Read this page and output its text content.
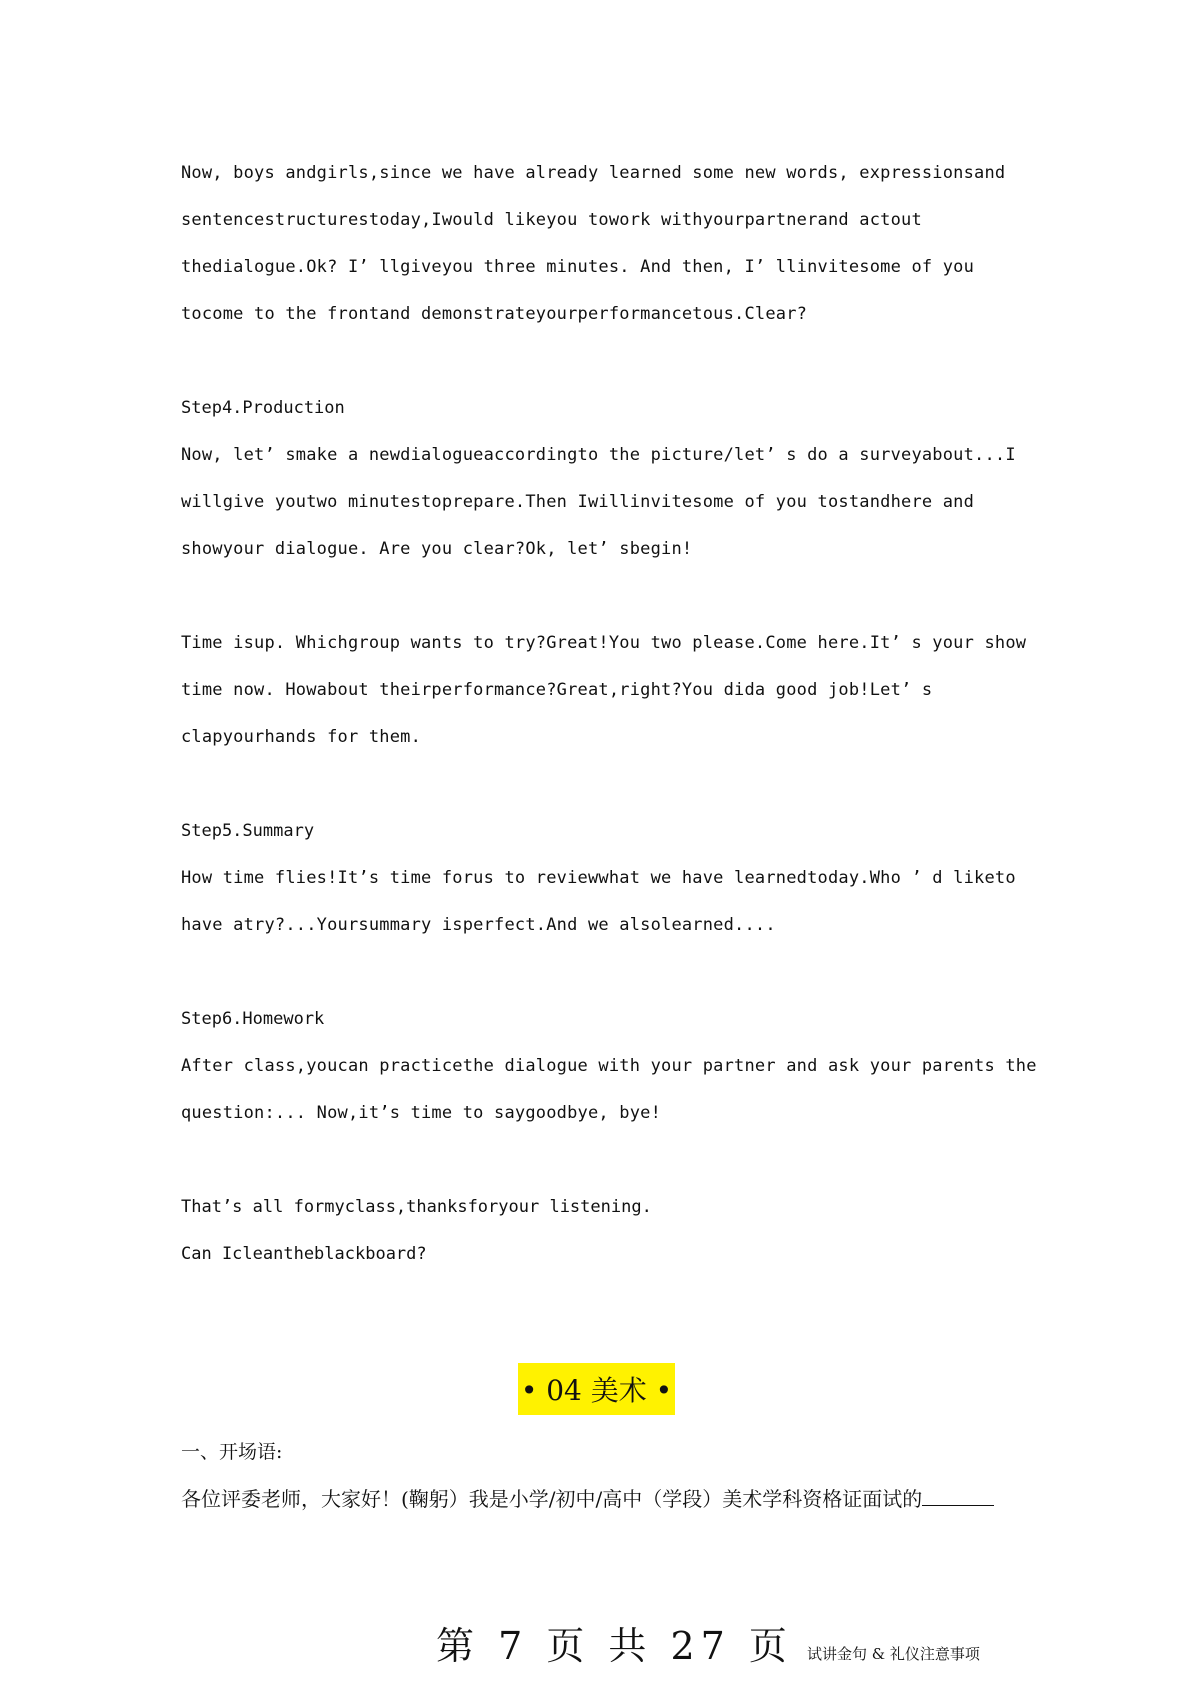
Now, boys andgirls,since we have already learned some new words, expressionsand sentencestructurestoday,Iwould likeyou towork withyourpartnerand actout thedialogue.Ok? I’ llgiveyou three minutes. And then, I’ llinvitesome of you tocome to the frontand demonstrateyourperformancetous.Clear?

Step4.Production

Now, let’ smake a newdialogueaccordingto the picture/let’ s do a surveyabout...I willgive youtwo minutestoprepare.Then Iwillinvitesome of you tostandhere and showyour dialogue. Are you clear?Ok, let’ sbegin!

Time isup. Whichgroup wants to try?Great!You two please.Come here.It’ s your show time now. Howabout theirperformance?Great,right?You dida good job!Let’ s clapyourhands for them.

Step5.Summary

How time flies!It’s time forus to reviewwhat we have learnedtoday.Who ’ d liketo have atry?...Yoursummary isperfect.And we alsolearned....

Step6.Homework

After class,youcan practicethe dialogue with your partner and ask your parents the question:... Now,it’s time to saygoodbye, bye!

That’s all formyclass,thanksforyour listening.

Can Icleantheblackboard?

• 04 美术 •
一、开场语:
各位评委老师，大家好！(鞠躬）我是小学/初中/高中（学段）美术学科资格证面试的
第 7 页 共 27 页 试讲金句 & 礼仪注意事项
